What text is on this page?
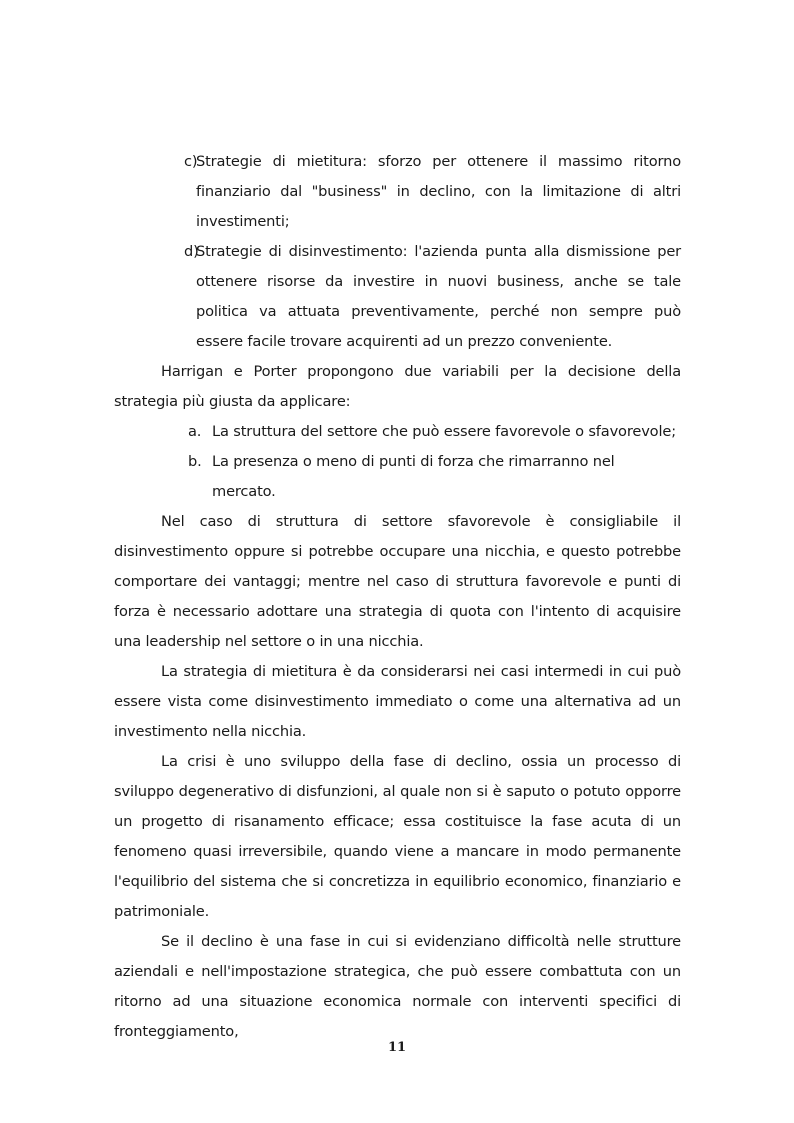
c)
Strategie di mietitura: sforzo per ottenere il massimo ritorno finanziario dal "business" in declino, con la limitazione di altri investimenti;
d)
Strategie di disinvestimento: l'azienda punta alla dismissione per ottenere risorse da investire in nuovi business, anche se tale politica va attuata preventivamente, perché non sempre può essere facile trovare acquirenti ad un prezzo conveniente.

Harrigan e Porter propongono due variabili per la decisione della strategia più giusta da applicare:

a. La struttura del settore che può essere favorevole o sfavorevole;
b. La presenza o meno di punti di forza che rimarranno nel mercato.

Nel caso di struttura di settore sfavorevole è consigliabile il disinvestimento oppure si potrebbe occupare una nicchia, e questo potrebbe comportare dei vantaggi; mentre nel caso di struttura favorevole e punti di forza è necessario adottare una strategia di quota con l'intento di acquisire una leadership nel settore o in una nicchia.

La strategia di mietitura è da considerarsi nei casi intermedi in cui può essere vista come disinvestimento immediato o come una alternativa ad un investimento nella nicchia.

La crisi è uno sviluppo della fase di declino, ossia un processo di sviluppo degenerativo di disfunzioni, al quale non si è saputo o potuto opporre un progetto di risanamento efficace; essa costituisce la fase acuta di un fenomeno quasi irreversibile, quando viene a mancare in modo permanente l'equilibrio del sistema che si concretizza in equilibrio economico, finanziario e patrimoniale.

Se il declino è una fase in cui si evidenziano difficoltà nelle strutture aziendali e nell'impostazione strategica, che può essere combattuta con un ritorno ad una situazione economica normale con interventi specifici di fronteggiamento,

11
